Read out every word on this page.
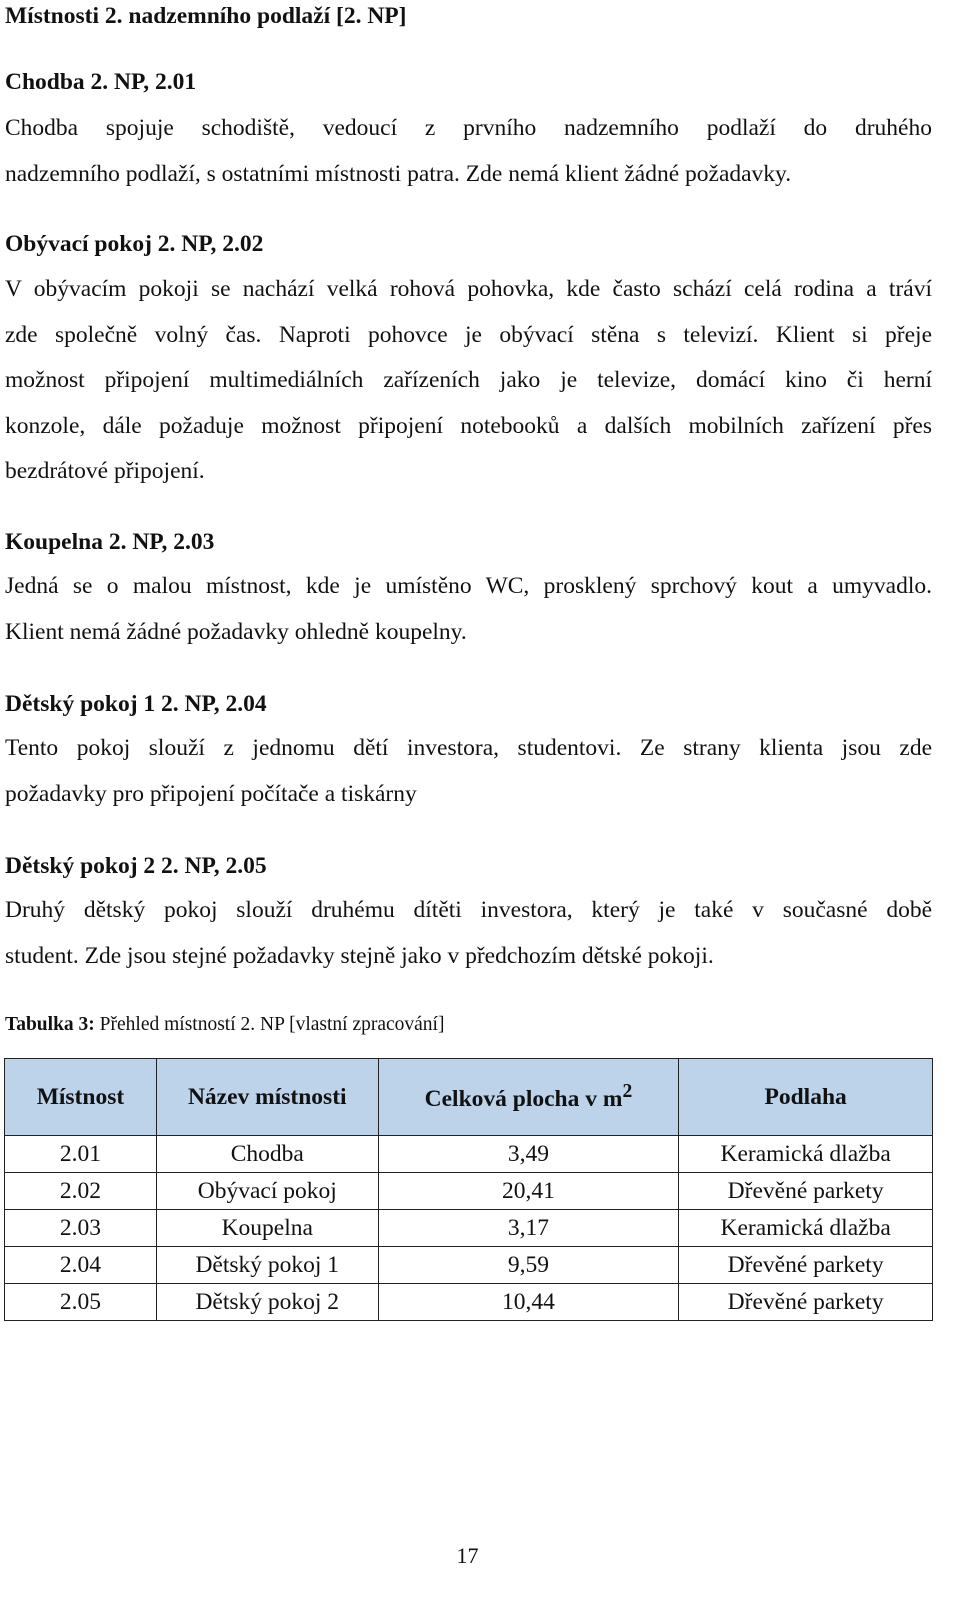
Místnosti 2. nadzemního podlaží [2. NP]
Chodba 2. NP, 2.01
Chodba spojuje schodiště, vedoucí z prvního nadzemního podlaží do druhého
nadzemního podlaží, s ostatními místnosti patra. Zde nemá klient žádné požadavky.
Obývací pokoj 2. NP, 2.02
V obývacím pokoji se nachází velká rohová pohovka, kde často schází celá rodina a tráví
zde společně volný čas. Naproti pohovce je obývací stěna s televizí. Klient si přeje
možnost připojení multimediálních zařízeních jako je televize, domácí kino či herní
konzole, dále požaduje možnost připojení notebooků a dalších mobilních zařízení přes
bezdrátové připojení.
Koupelna 2. NP, 2.03
Jedná se o malou místnost, kde je umístěno WC, prosklený sprchový kout a umyvadlo.
Klient nemá žádné požadavky ohledně koupelny.
Dětský pokoj 1 2. NP, 2.04
Tento pokoj slouží z jednomu dětí investora, studentovi. Ze strany klienta jsou zde
požadavky pro připojení počítače a tiskárny
Dětský pokoj 2 2. NP, 2.05
Druhý dětský pokoj slouží druhému dítěti investora, který je také v současné době
student. Zde jsou stejné požadavky stejně jako v předchozím dětské pokoji.
Tabulka 3: Přehled místností 2. NP [vlastní zpracování]
Místnost	Název místnosti	Celková plocha v $m^2$	Podlaha
2.01	Chodba	3,49	Keramická dlažba
2.02	Obývací pokoj	20,41	Dřevěné parkety
2.03	Koupelna	3,17	Keramická dlažba
2.04	Dětský pokoj 1	9,59	Dřevěné parkety
2.05	Dětský pokoj 2	10,44	Dřevěné parkety
17
